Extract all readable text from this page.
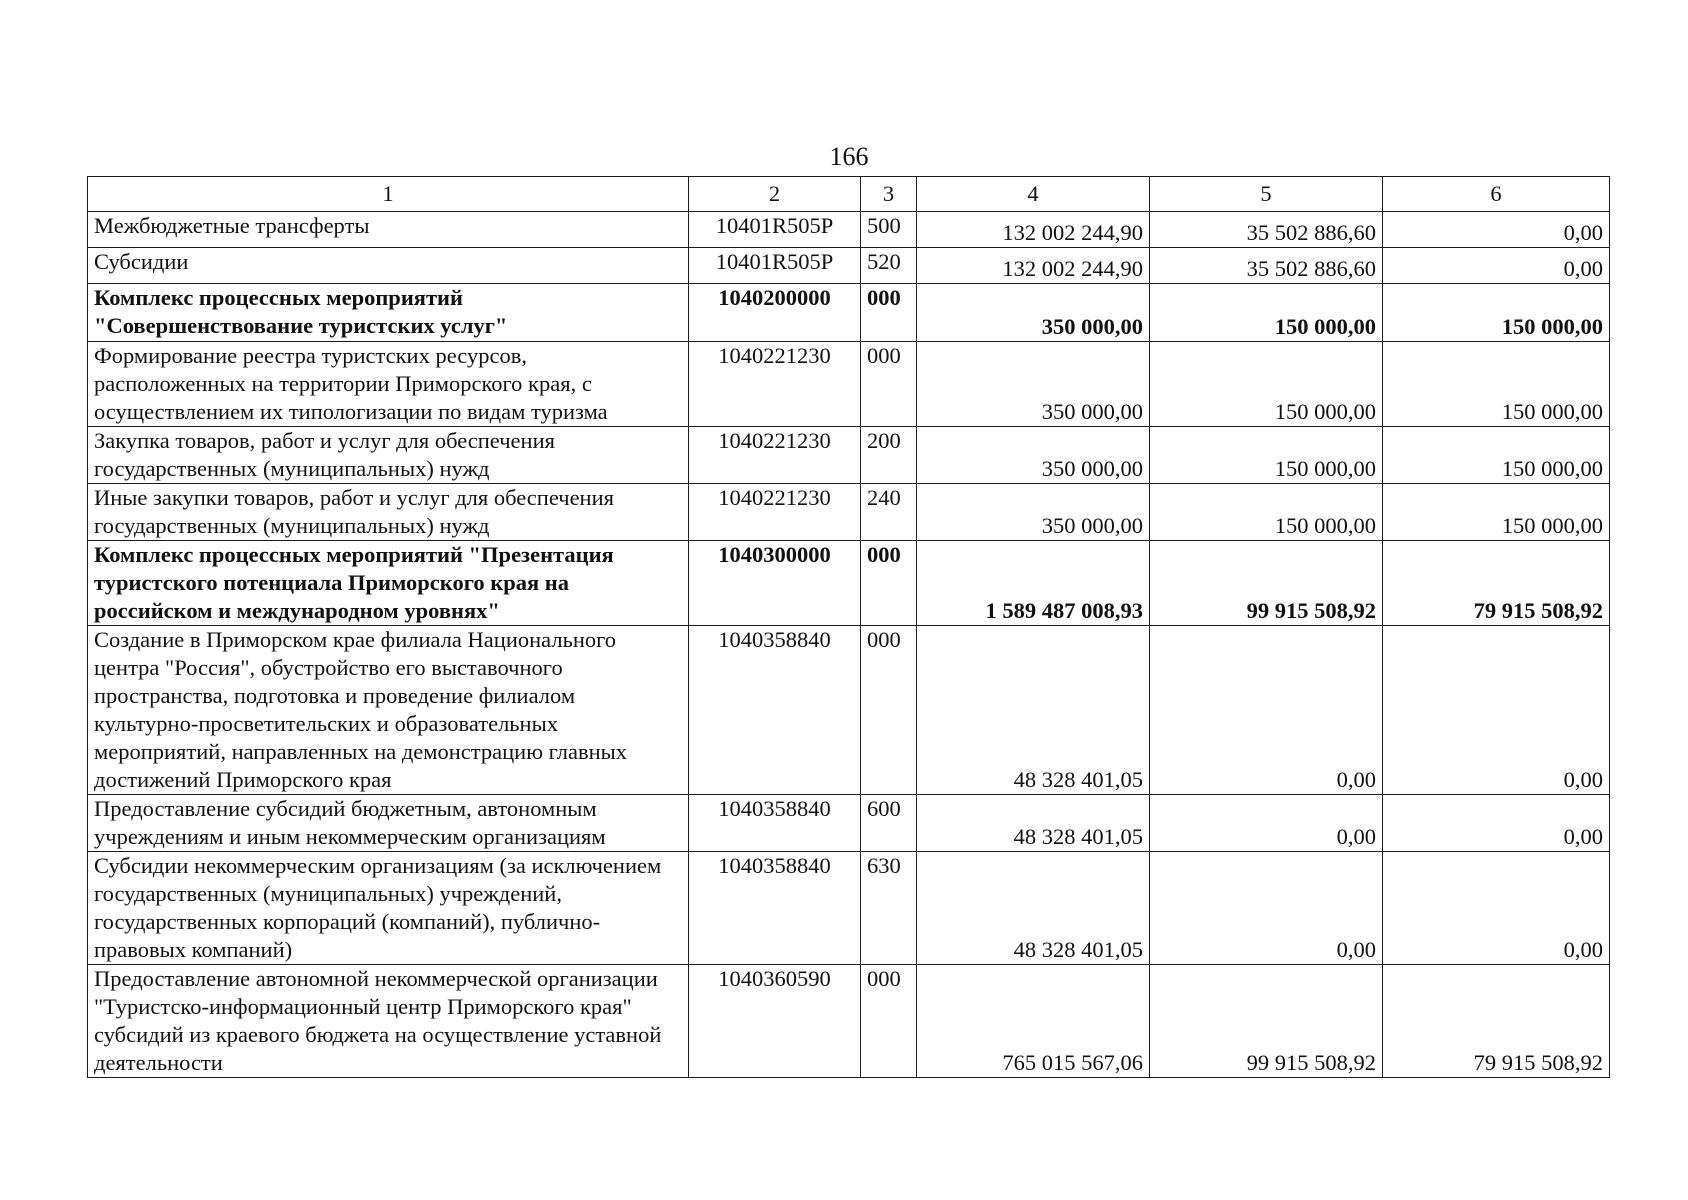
166
1	2	3	4	5	6
Межбюджетные трансферты	10401R505P	500	132 002 244,90	35 502 886,60	0,00
Субсидии	10401R505P	520	132 002 244,90	35 502 886,60	0,00
Комплекс процессных мероприятий "Совершенствование туристских услуг"	1040200000	000	350 000,00	150 000,00	150 000,00
Формирование реестра туристских ресурсов, расположенных на территории Приморского края, с осуществлением их типологизации по видам туризма	1040221230	000	350 000,00	150 000,00	150 000,00
Закупка товаров, работ и услуг для обеспечения государственных (муниципальных) нужд	1040221230	200	350 000,00	150 000,00	150 000,00
Иные закупки товаров, работ и услуг для обеспечения государственных (муниципальных) нужд	1040221230	240	350 000,00	150 000,00	150 000,00
Комплекс процессных мероприятий "Презентация туристского потенциала Приморского края на российском и международном уровнях"	1040300000	000	1 589 487 008,93	99 915 508,92	79 915 508,92
Создание в Приморском крае филиала Национального центра "Россия", обустройство его выставочного пространства, подготовка и проведение филиалом культурно-просветительских и образовательных мероприятий, направленных на демонстрацию главных достижений Приморского края	1040358840	000	48 328 401,05	0,00	0,00
Предоставление субсидий бюджетным, автономным учреждениям и иным некоммерческим организациям	1040358840	600	48 328 401,05	0,00	0,00
Субсидии некоммерческим организациям (за исключением государственных (муниципальных) учреждений, государственных корпораций (компаний), публично-правовых компаний)	1040358840	630	48 328 401,05	0,00	0,00
Предоставление автономной некоммерческой организации "Туристско-информационный центр Приморского края" субсидий из краевого бюджета на осуществление уставной деятельности	1040360590	000	765 015 567,06	99 915 508,92	79 915 508,92
